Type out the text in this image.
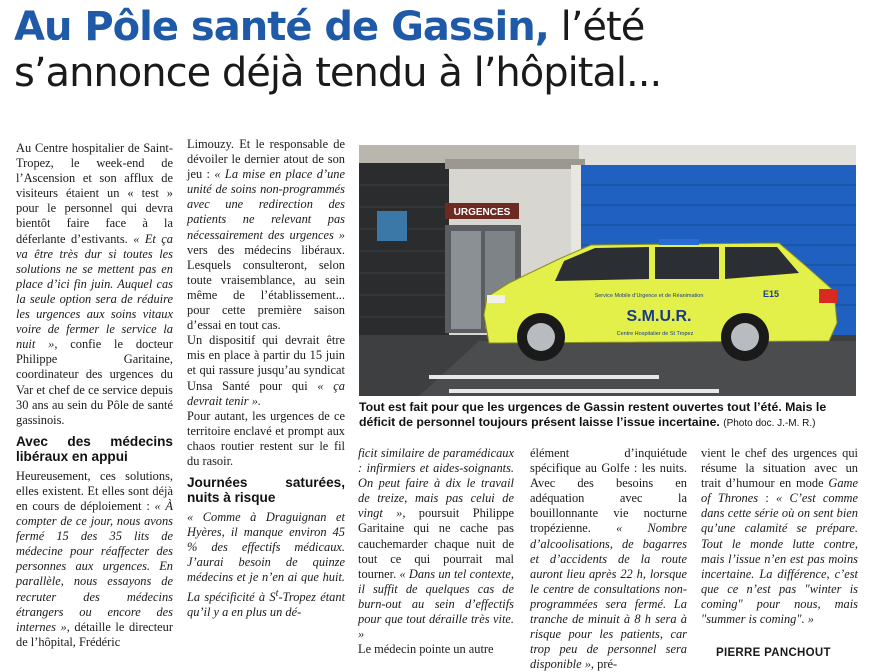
Au Pôle santé de Gassin, l’été
s’annonce déjà tendu à l’hôpital...

Au Centre hospitalier de Saint-Tropez, le week-end de l’Ascension et son afflux de visiteurs étaient un « test » pour le personnel qui devra bientôt faire face à la déferlante d’estivants. « Et ça va être très dur si toutes les solutions ne se mettent pas en place d’ici fin juin. Auquel cas la seule option sera de réduire les urgences aux soins vitaux voire de fermer le service la nuit », confie le docteur Philippe Garitaine, coordinateur des urgences du Var et chef de ce service depuis 30 ans au sein du Pôle de santé gassinois.

Avec des médecins libéraux en appui

Heureusement, ces solutions, elles existent. Et elles sont déjà en cours de déploiement : « À compter de ce jour, nous avons fermé 15 des 35 lits de médecine pour réaffecter des personnes aux urgences. En parallèle, nous essayons de recruter des médecins étrangers ou encore des internes », détaille le directeur de l’hôpital, Frédéric

Limouzy. Et le responsable de dévoiler le dernier atout de son jeu : « La mise en place d’une unité de soins non-programmés avec une redirection des patients ne relevant pas nécessairement des urgences » vers des médecins libéraux. Lesquels consulteront, selon toute vraisemblance, au sein même de l’établissement... pour cette première saison d’essai en tout cas.

Un dispositif qui devrait être mis en place à partir du 15 juin et qui rassure jusqu’au syndicat Unsa Santé pour qui « ça devrait tenir ».

Pour autant, les urgences de ce territoire enclavé et prompt aux chaos routier restent sur le fil du rasoir.

Journées saturées, nuits à risque

« Comme à Draguignan et Hyères, il manque environ 45 % des effectifs médicaux. J’aurai besoin de quinze médecins et je n’en ai que huit. La spécificité à $S^t$-Tropez étant qu’il y a en plus un dé-

URGENCES
Service Mobile d’Urgence et de Réanimation
S.M.U.R.
Centre Hospitalier de St Tropez
E15
Tout est fait pour que les urgences de Gassin restent ouvertes tout l’été. Mais le déficit de personnel toujours présent laisse l’issue incertaine. (Photo doc. J.-M. R.)

ficit similaire de paramédicaux : infirmiers et aides-soignants. On peut faire à dix le travail de treize, mais pas celui de vingt », poursuit Philippe Garitaine qui ne cache pas cauchemarder chaque nuit de tout ce qui pourrait mal tourner. « Dans un tel contexte, il suffit de quelques cas de burn-out au sein d’effectifs pour que tout déraille très vite. »

Le médecin pointe un autre

élément d’inquiétude spécifique au Golfe : les nuits. Avec des besoins en adéquation avec la bouillonnante vie nocturne tropézienne. « Nombre d’alcoolisations, de bagarres et d’accidents de la route auront lieu après 22 h, lorsque le centre de consultations non-programmées sera fermé. La tranche de minuit à 8 h sera à risque pour les patients, car trop peu de personnel sera disponible », pré-

vient le chef des urgences qui résume la situation avec un trait d’humour en mode Game of Thrones : « C’est comme dans cette série où on sent bien qu’une calamité se prépare. Tout le monde lutte contre, mais l’issue n’en est pas moins incertaine. La différence, c’est que ce n’est pas "winter is coming" pour nous, mais "summer is coming". »

PIERRE PANCHOUT
